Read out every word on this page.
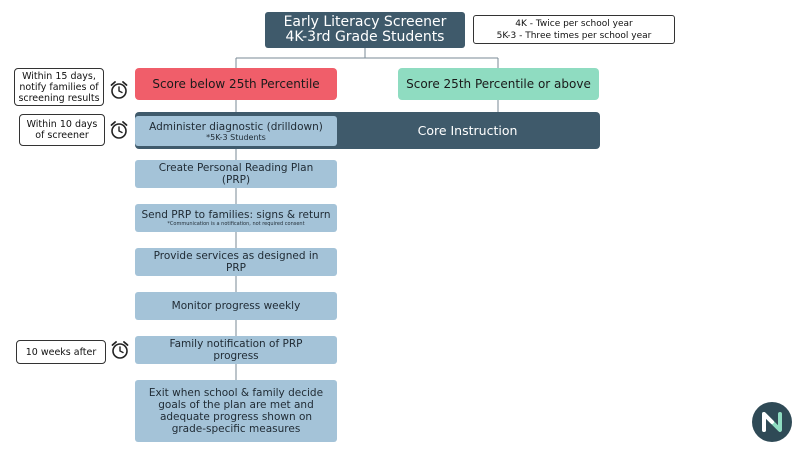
Early Literacy Screener
4K-3rd Grade Students
4K - Twice per school year
5K-3 - Three times per school year
Score below 25th Percentile	Score 25th Percentile or above
Core Instruction
Administer diagnostic (drilldown)
*5K-3 Students
Create Personal Reading Plan (PRP)
Send PRP to families: signs & return
*Communication is a notification, not required consent
Provide services as designed in PRP
Monitor progress weekly
Family notification of PRP progress
Exit when school & family decide goals of the plan are met and adequate progress shown on grade-specific measures
Within 15 days, notify families of screening results
Within 10 days of screener
10 weeks after
